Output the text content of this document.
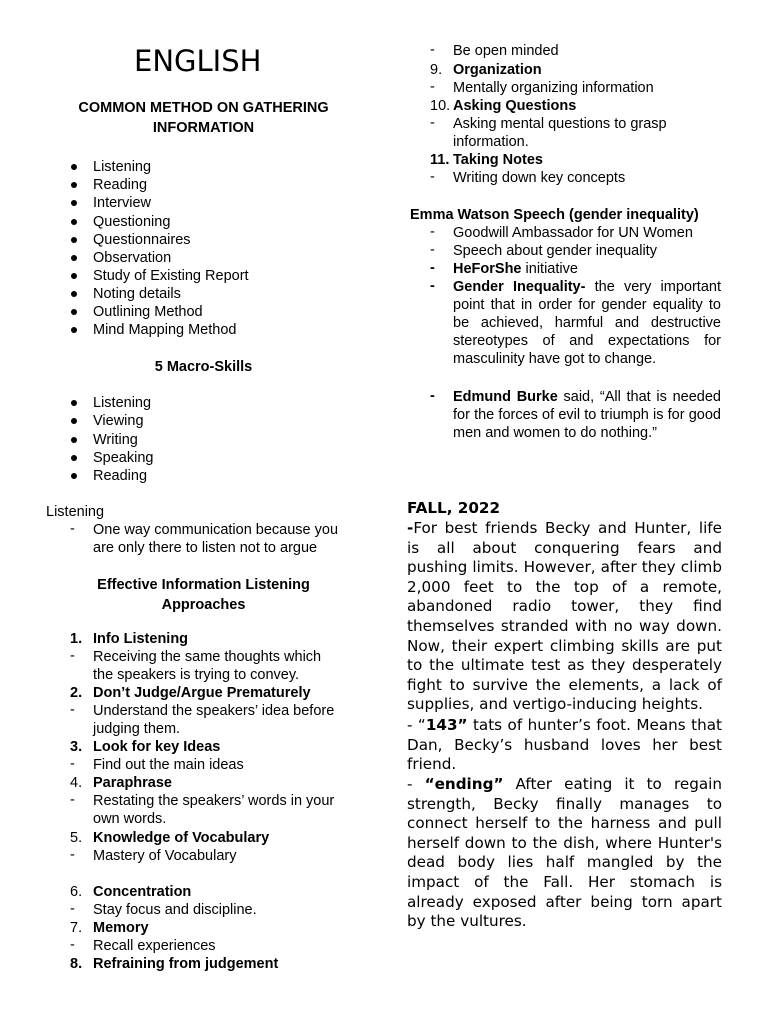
ENGLISH
COMMON METHOD ON GATHERING
INFORMATION
Listening
Reading
Interview
Questioning
Questionnaires
Observation
Study of Existing Report
Noting details
Outlining Method
Mind Mapping Method
5 Macro-Skills
Listening
Viewing
Writing
Speaking
Reading
Listening
- One way communication because you
are only there to listen not to argue
Effective Information Listening
Approaches
1. Info Listening
- Receiving the same thoughts which
the speakers is trying to convey.
2. Don’t Judge/Argue Prematurely
- Understand the speakers’ idea before
judging them.
3. Look for key Ideas
- Find out the main ideas
4. Paraphrase
- Restating the speakers’ words in your
own words.
5. Knowledge of Vocabulary
- Mastery of Vocabulary
6. Concentration
- Stay focus and discipline.
7. Memory
- Recall experiences
8. Refraining from judgement
- Be open minded
9. Organization
- Mentally organizing information
10. Asking Questions
- Asking mental questions to grasp
information.
11. Taking Notes
- Writing down key concepts
Emma Watson Speech (gender inequality)
- Goodwill Ambassador for UN Women
- Speech about gender inequality
- HeForShe initiative
- Gender Inequality- the very important point that in order for gender equality to be achieved, harmful and destructive stereotypes of and expectations for masculinity have got to change.
- Edmund Burke said, “All that is needed for the forces of evil to triumph is for good men and women to do nothing.”
FALL, 2022
-For best friends Becky and Hunter, life is all about conquering fears and pushing limits. However, after they climb 2,000 feet to the top of a remote, abandoned radio tower, they find themselves stranded with no way down. Now, their expert climbing skills are put to the ultimate test as they desperately fight to survive the elements, a lack of supplies, and vertigo-inducing heights.
- “143” tats of hunter’s foot. Means that Dan, Becky’s husband loves her best friend.
- “ending” After eating it to regain strength, Becky finally manages to connect herself to the harness and pull herself down to the dish, where Hunter's dead body lies half mangled by the impact of the Fall. Her stomach is already exposed after being torn apart by the vultures.
